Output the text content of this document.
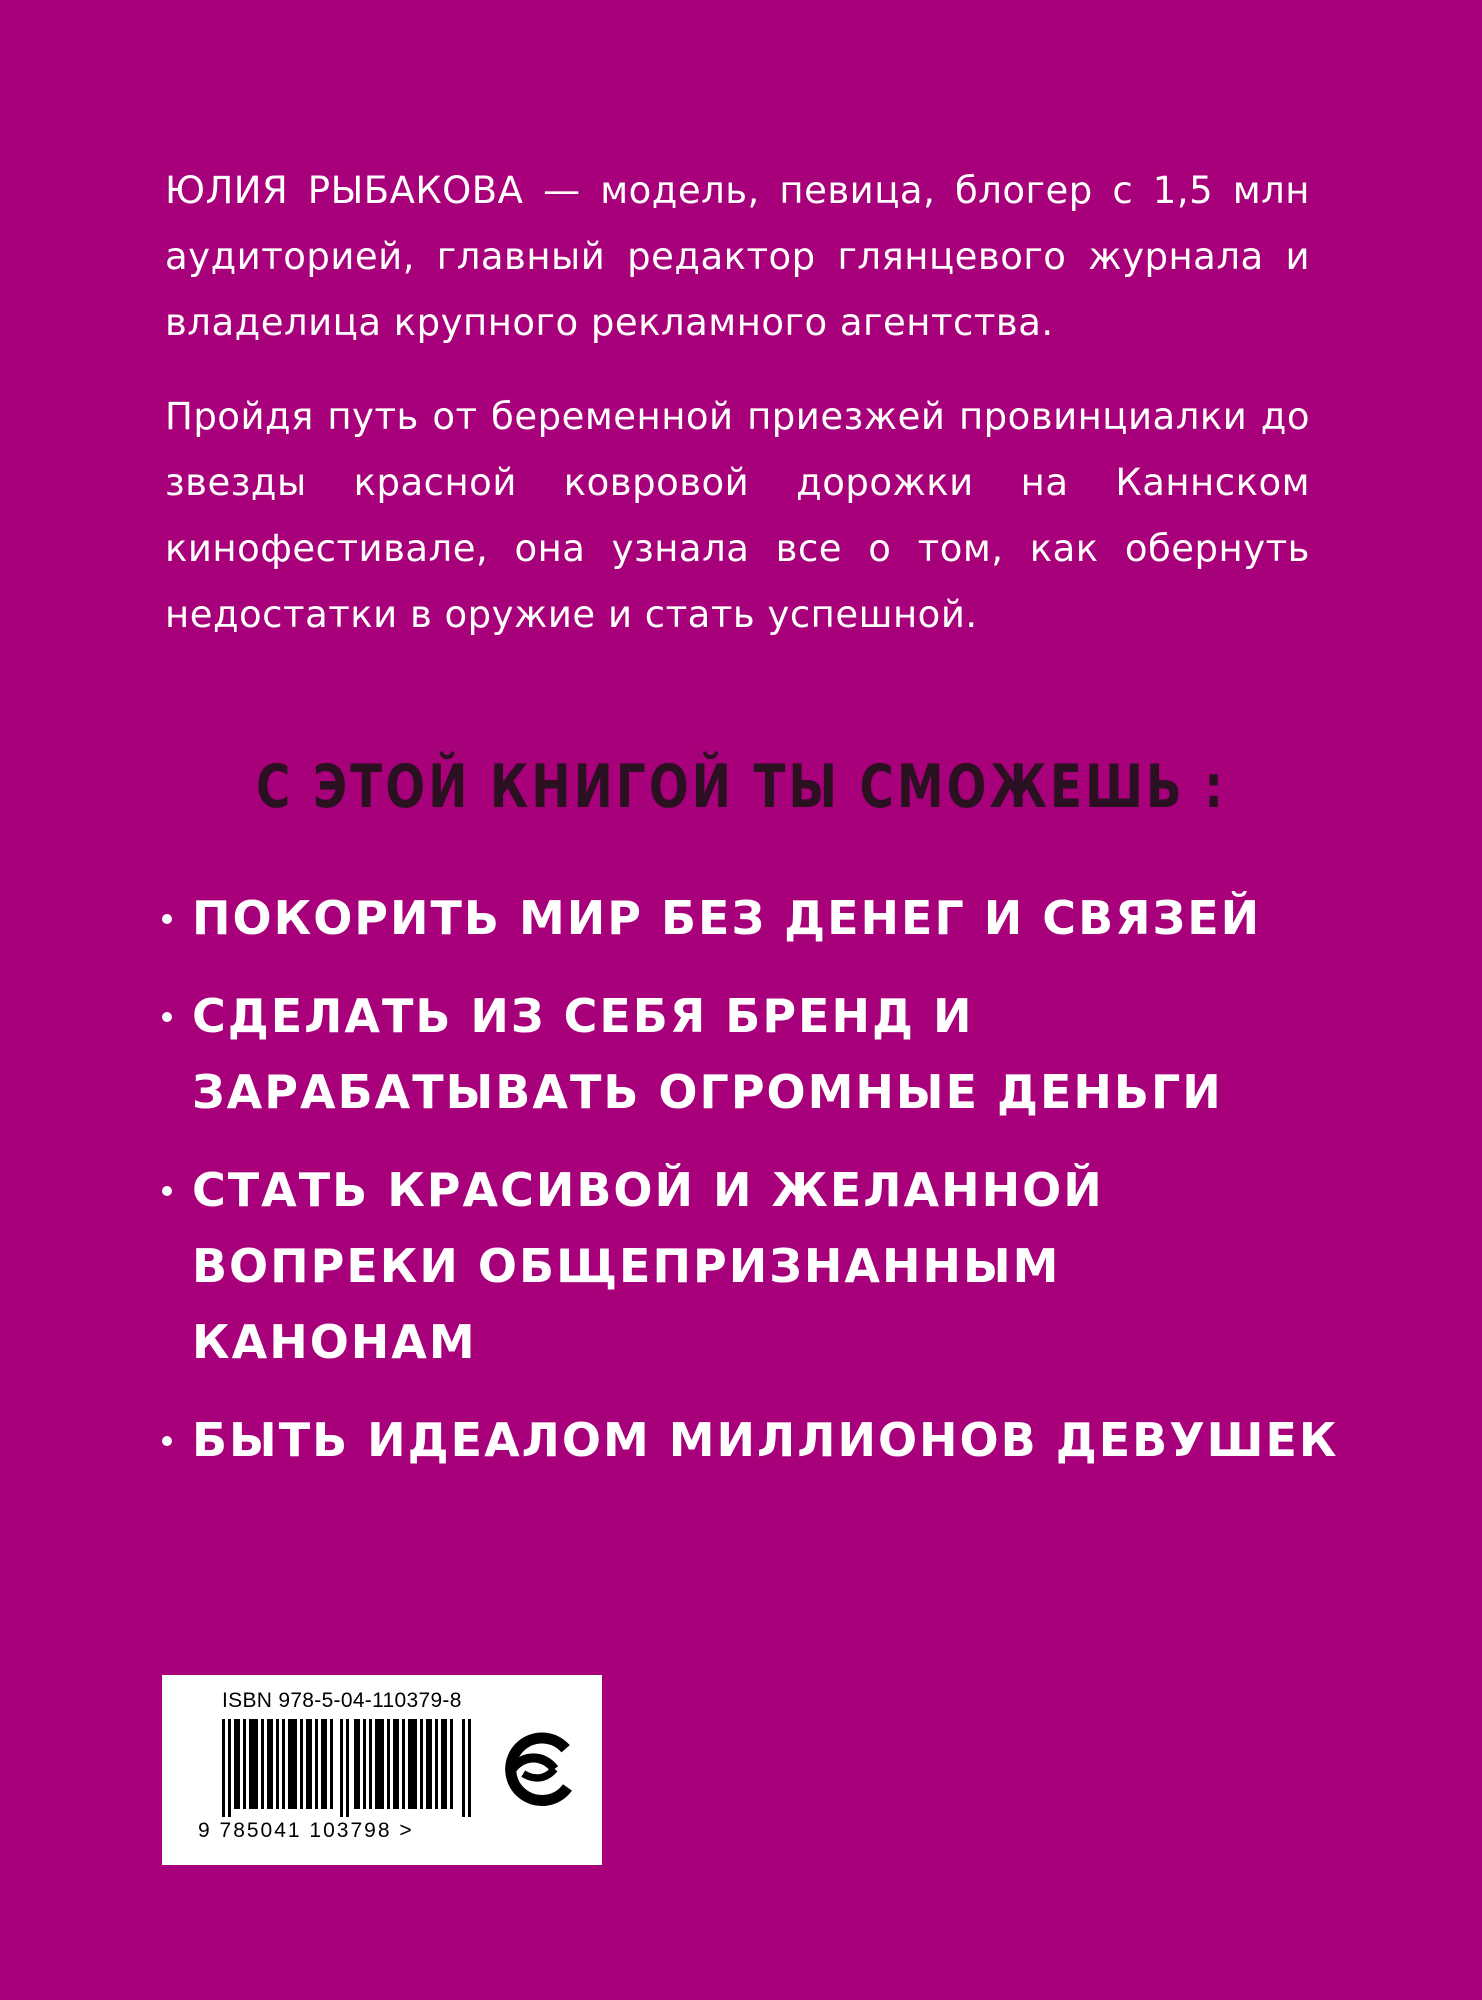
ЮЛИЯ РЫБАКОВА — модель, певица, блогер с 1,5 млн аудиторией, главный редактор глянцевого журнала и владелица крупного рекламного агентства.

Пройдя путь от беременной приезжей провинциалки до звезды красной ковровой дорожки на Каннском кинофестивале, она узнала все о том, как обернуть недостатки в оружие и стать успешной.

С ЭТОЙ КНИГОЙ ТЫ СМОЖЕШЬ :
ПОКОРИТЬ МИР БЕЗ ДЕНЕГ И СВЯЗЕЙ
СДЕЛАТЬ ИЗ СЕБЯ БРЕНД И ЗАРАБАТЫВАТЬ ОГРОМНЫЕ ДЕНЬГИ
СТАТЬ КРАСИВОЙ И ЖЕЛАННОЙ ВОПРЕКИ ОБЩЕПРИЗНАННЫМ КАНОНАМ
БЫТЬ ИДЕАЛОМ МИЛЛИОНОВ ДЕВУШЕК
ISBN 978-5-04-110379-8
9 785041 103798 >
